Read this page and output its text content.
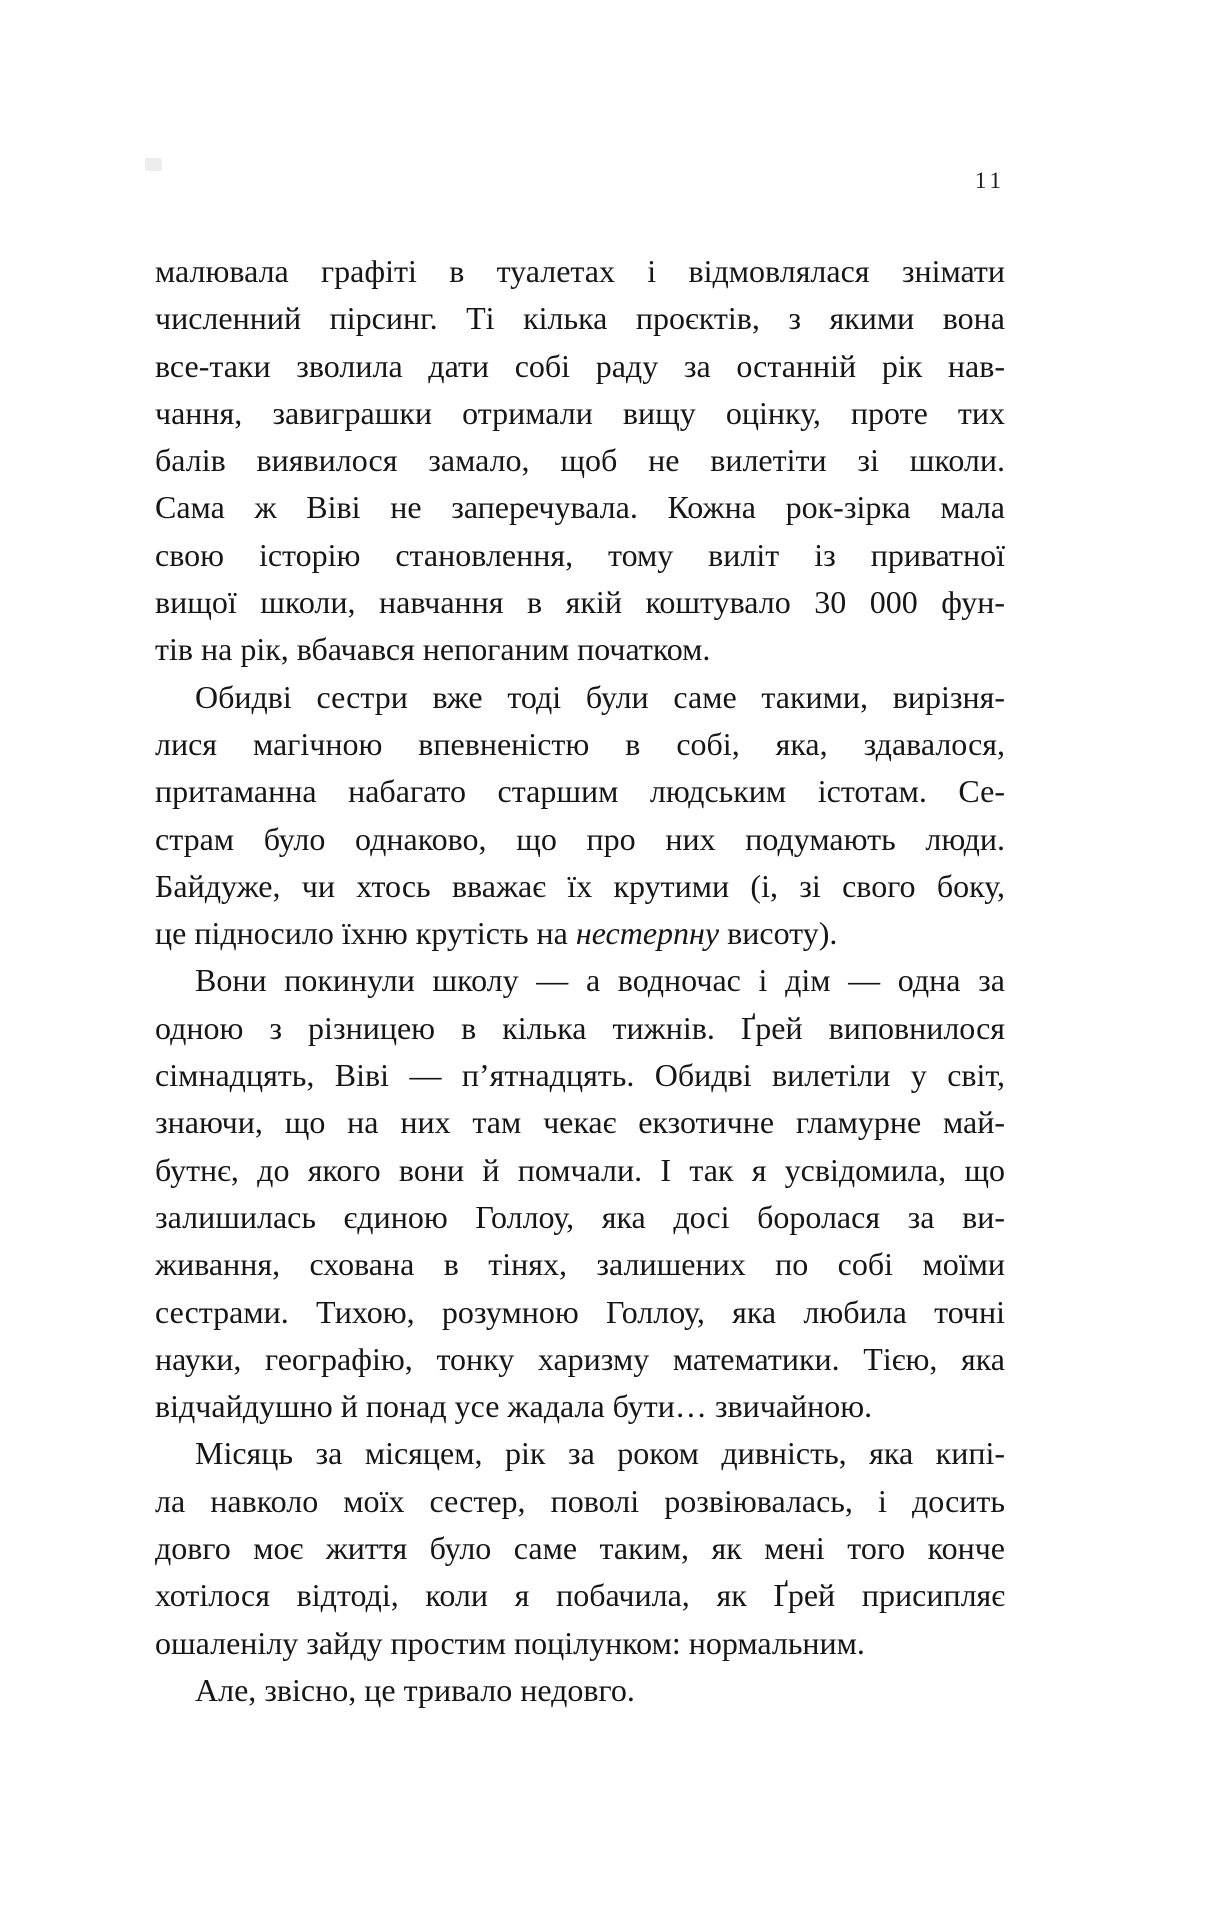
11
малювала графіті в туалетах і відмовлялася знімати
численний пірсинг. Ті кілька проєктів, з якими вона
все-таки зволила дати собі раду за останній рік нав-
чання, завиграшки отримали вищу оцінку, проте тих
балів виявилося замало, щоб не вилетіти зі школи.
Сама ж Віві не заперечувала. Кожна рок-зірка мала
свою історію становлення, тому виліт із приватної
вищої школи, навчання в якій коштувало 30 000 фун-
тів на рік, вбачався непоганим початком.
Обидві сестри вже тоді були саме такими, вирізня-
лися магічною впевненістю в собі, яка, здавалося,
притаманна набагато старшим людським істотам. Се-
страм було однаково, що про них подумають люди.
Байдуже, чи хтось вважає їх крутими (і, зі свого боку,
це підносило їхню крутість на нестерпну висоту).
Вони покинули школу — а водночас і дім — одна за
одною з різницею в кілька тижнів. Ґрей виповнилося
сімнадцять, Віві — п’ятнадцять. Обидві вилетіли у світ,
знаючи, що на них там чекає екзотичне гламурне май-
бутнє, до якого вони й помчали. І так я усвідомила, що
залишилась єдиною Голлоу, яка досі боролася за ви-
живання, схована в тінях, залишених по собі моїми
сестрами. Тихою, розумною Голлоу, яка любила точні
науки, географію, тонку харизму математики. Тією, яка
відчайдушно й понад усе жадала бути… звичайною.
Місяць за місяцем, рік за роком дивність, яка кипі-
ла навколо моїх сестер, поволі розвіювалась, і досить
довго моє життя було саме таким, як мені того конче
хотілося відтоді, коли я побачила, як Ґрей присипляє
ошаленілу зайду простим поцілунком: нормальним.
Але, звісно, це тривало недовго.
